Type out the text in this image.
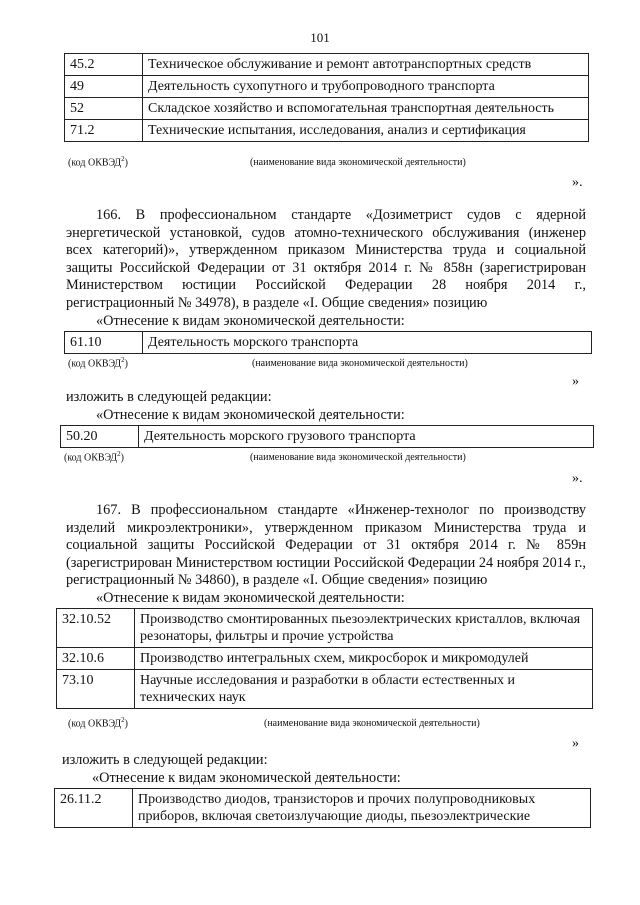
101
45.2	Техническое обслуживание и ремонт автотранспортных средств
49	Деятельность сухопутного и трубопроводного транспорта
52	Складское хозяйство и вспомогательная транспортная деятельность
71.2	Технические испытания, исследования, анализ и сертификация
(код ОКВЭД$^2$)	(наименование вида экономической деятельности)
».
166. В профессиональном стандарте «Дозиметрист судов с ядерной энергетической установкой, судов атомно-технического обслуживания (инженер всех категорий)», утвержденном приказом Министерства труда и социальной защиты Российской Федерации от 31 октября 2014 г. № 858н (зарегистрирован Министерством юстиции Российской Федерации 28 ноября 2014 г., регистрационный № 34978), в разделе «I. Общие сведения» позицию
«Отнесение к видам экономической деятельности:
61.10	Деятельность морского транспорта
(код ОКВЭД$^2$)	(наименование вида экономической деятельности)
»
изложить в следующей редакции:
«Отнесение к видам экономической деятельности:
50.20	Деятельность морского грузового транспорта
(код ОКВЭД$^2$)	(наименование вида экономической деятельности)
».
167. В профессиональном стандарте «Инженер-технолог по производству изделий микроэлектроники», утвержденном приказом Министерства труда и социальной защиты Российской Федерации от 31 октября 2014 г. № 859н (зарегистрирован Министерством юстиции Российской Федерации 24 ноября 2014 г., регистрационный № 34860), в разделе «I. Общие сведения» позицию
«Отнесение к видам экономической деятельности:
32.10.52	Производство смонтированных пьезоэлектрических кристаллов, включая резонаторы, фильтры и прочие устройства
32.10.6	Производство интегральных схем, микросборок и микромодулей
73.10	Научные исследования и разработки в области естественных и технических наук
(код ОКВЭД$^2$)	(наименование вида экономической деятельности)
»
изложить в следующей редакции:
«Отнесение к видам экономической деятельности:
26.11.2	Производство диодов, транзисторов и прочих полупроводниковых приборов, включая светоизлучающие диоды, пьезоэлектрические
